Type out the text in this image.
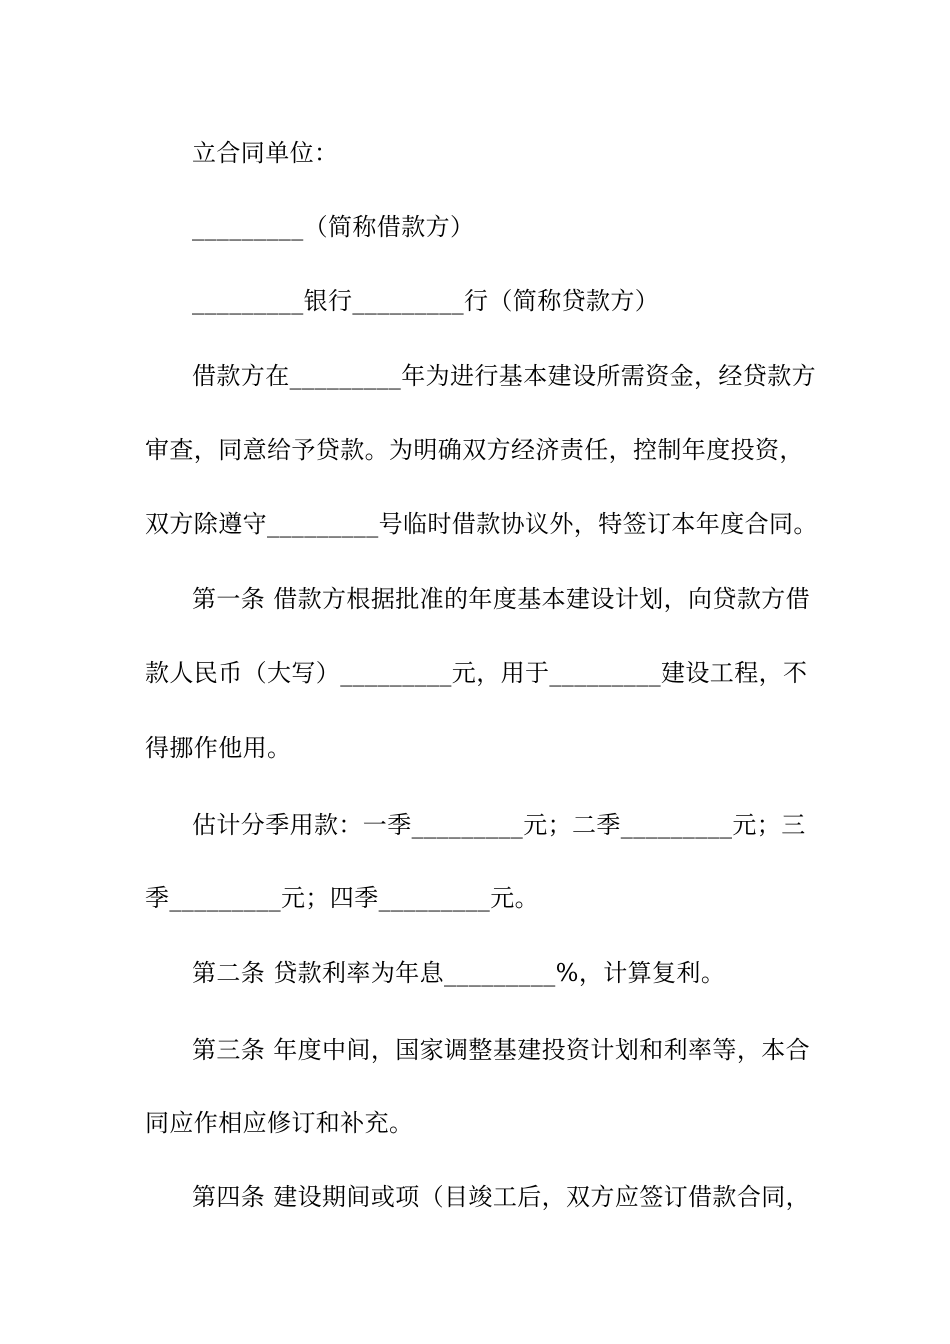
立合同单位：
_________（简称借款方）
_________银行_________行（简称贷款方）
借款方在_________年为进行基本建设所需资金，经贷款方
审查，同意给予贷款。为明确双方经济责任，控制年度投资，
双方除遵守_________号临时借款协议外，特签订本年度合同。
第一条 借款方根据批准的年度基本建设计划，向贷款方借
款人民币（大写）_________元，用于_________建设工程，不
得挪作他用。
估计分季用款：一季_________元；二季_________元；三
季_________元；四季_________元。
第二条 贷款利率为年息_________%，计算复利。
第三条 年度中间，国家调整基建投资计划和利率等，本合
同应作相应修订和补充。
第四条 建设期间或项（目竣工后，双方应签订借款合同，
